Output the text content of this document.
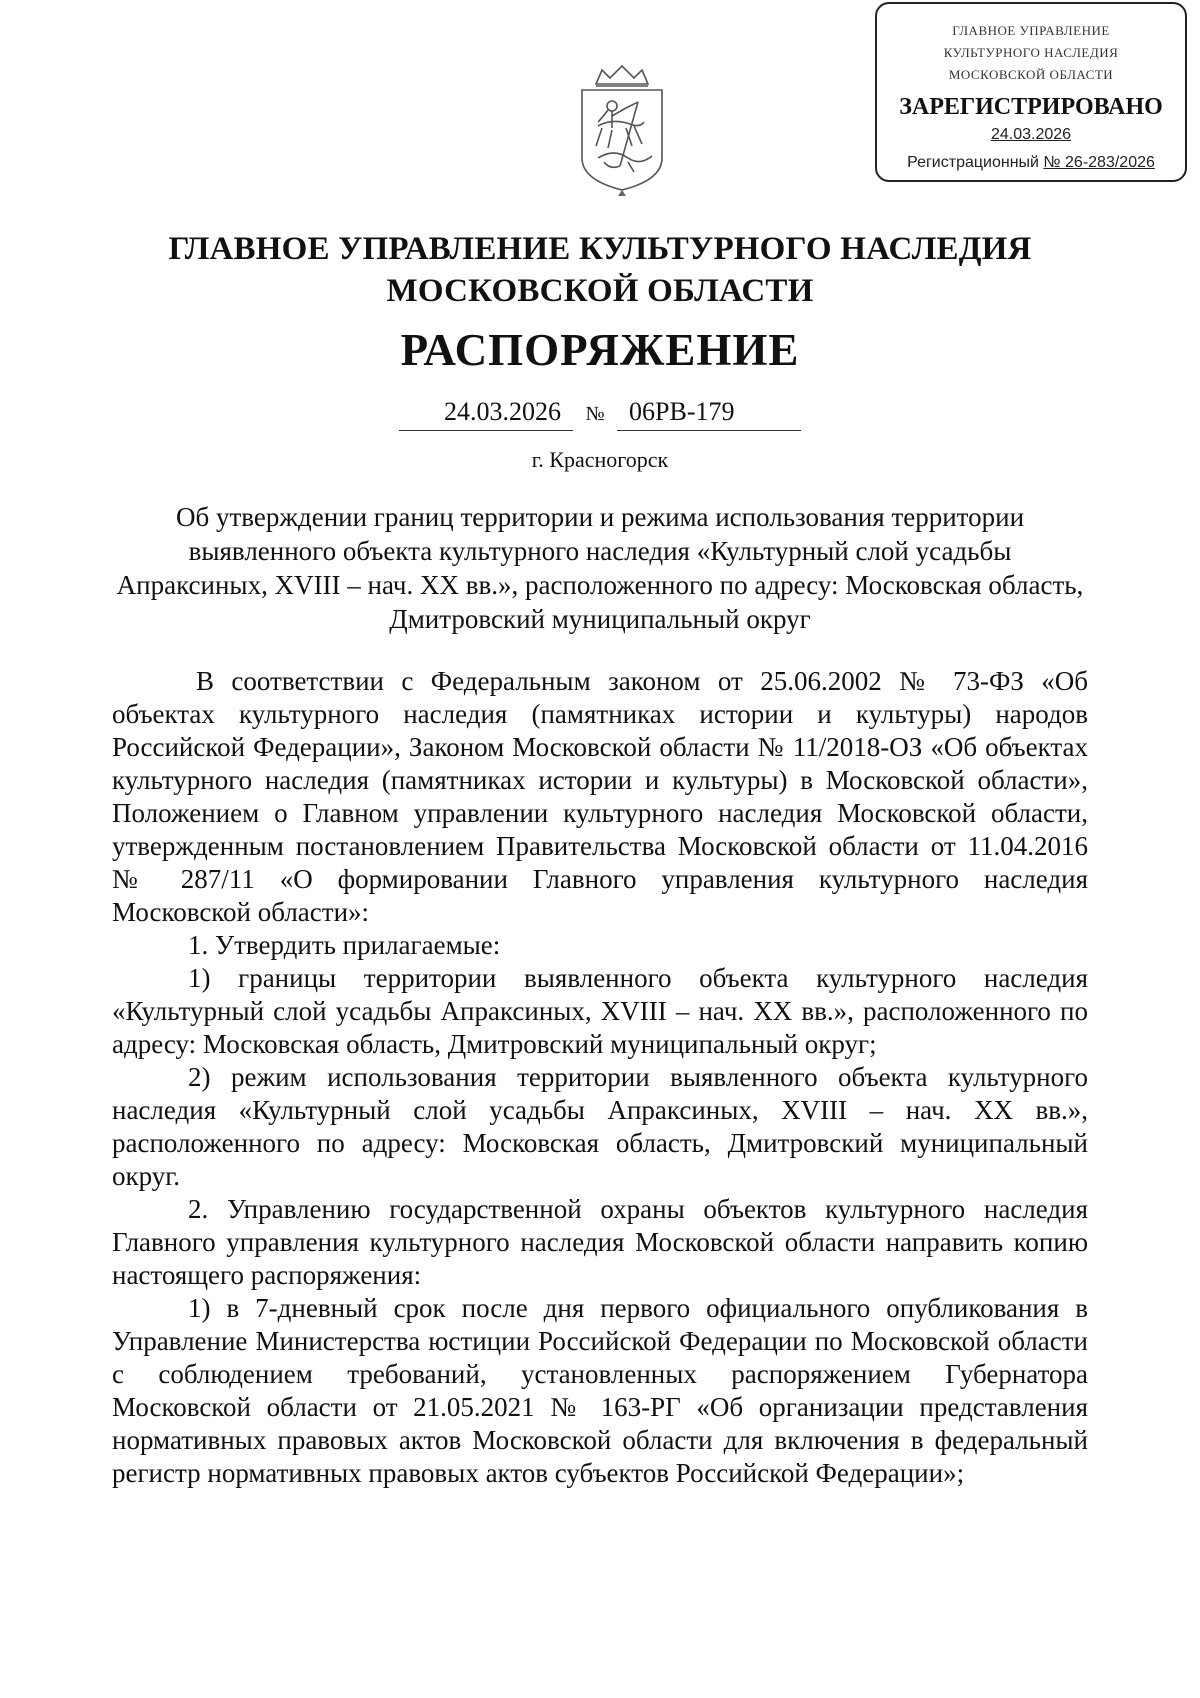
ГЛАВНОЕ УПРАВЛЕНИЕ
КУЛЬТУРНОГО НАСЛЕДИЯ
МОСКОВСКОЙ ОБЛАСТИ
ЗАРЕГИСТРИРОВАНО
24.03.2026
Регистрационный № 26-283/2026
ГЛАВНОЕ УПРАВЛЕНИЕ КУЛЬТУРНОГО НАСЛЕДИЯ
МОСКОВСКОЙ ОБЛАСТИ
РАСПОРЯЖЕНИЕ
24.03.2026 № 06РВ-179
г. Красногорск
Об утверждении границ территории и режима использования территории
выявленного объекта культурного наследия «Культурный слой усадьбы
Апраксиных, XVIII – нач. XX вв.», расположенного по адресу: Московская область,
Дмитровский муниципальный округ

В соответствии с Федеральным законом от 25.06.2002 № 73-ФЗ «Об объектах культурного наследия (памятниках истории и культуры) народов Российской Федерации», Законом Московской области № 11/2018-ОЗ «Об объектах культурного наследия (памятниках истории и культуры) в Московской области», Положением о Главном управлении культурного наследия Московской области, утвержденным постановлением Правительства Московской области от 11.04.2016 № 287/11 «О формировании Главного управления культурного наследия Московской области»:

1. Утвердить прилагаемые:

1) границы территории выявленного объекта культурного наследия «Культурный слой усадьбы Апраксиных, XVIII – нач. XX вв.», расположенного по адресу: Московская область, Дмитровский муниципальный округ;

2) режим использования территории выявленного объекта культурного наследия «Культурный слой усадьбы Апраксиных, XVIII – нач. XX вв.», расположенного по адресу: Московская область, Дмитровский муниципальный округ.

2. Управлению государственной охраны объектов культурного наследия Главного управления культурного наследия Московской области направить копию настоящего распоряжения:

1) в 7-дневный срок после дня первого официального опубликования в Управление Министерства юстиции Российской Федерации по Московской области с соблюдением требований, установленных распоряжением Губернатора Московской области от 21.05.2021 № 163-РГ «Об организации представления нормативных правовых актов Московской области для включения в федеральный регистр нормативных правовых актов субъектов Российской Федерации»;
